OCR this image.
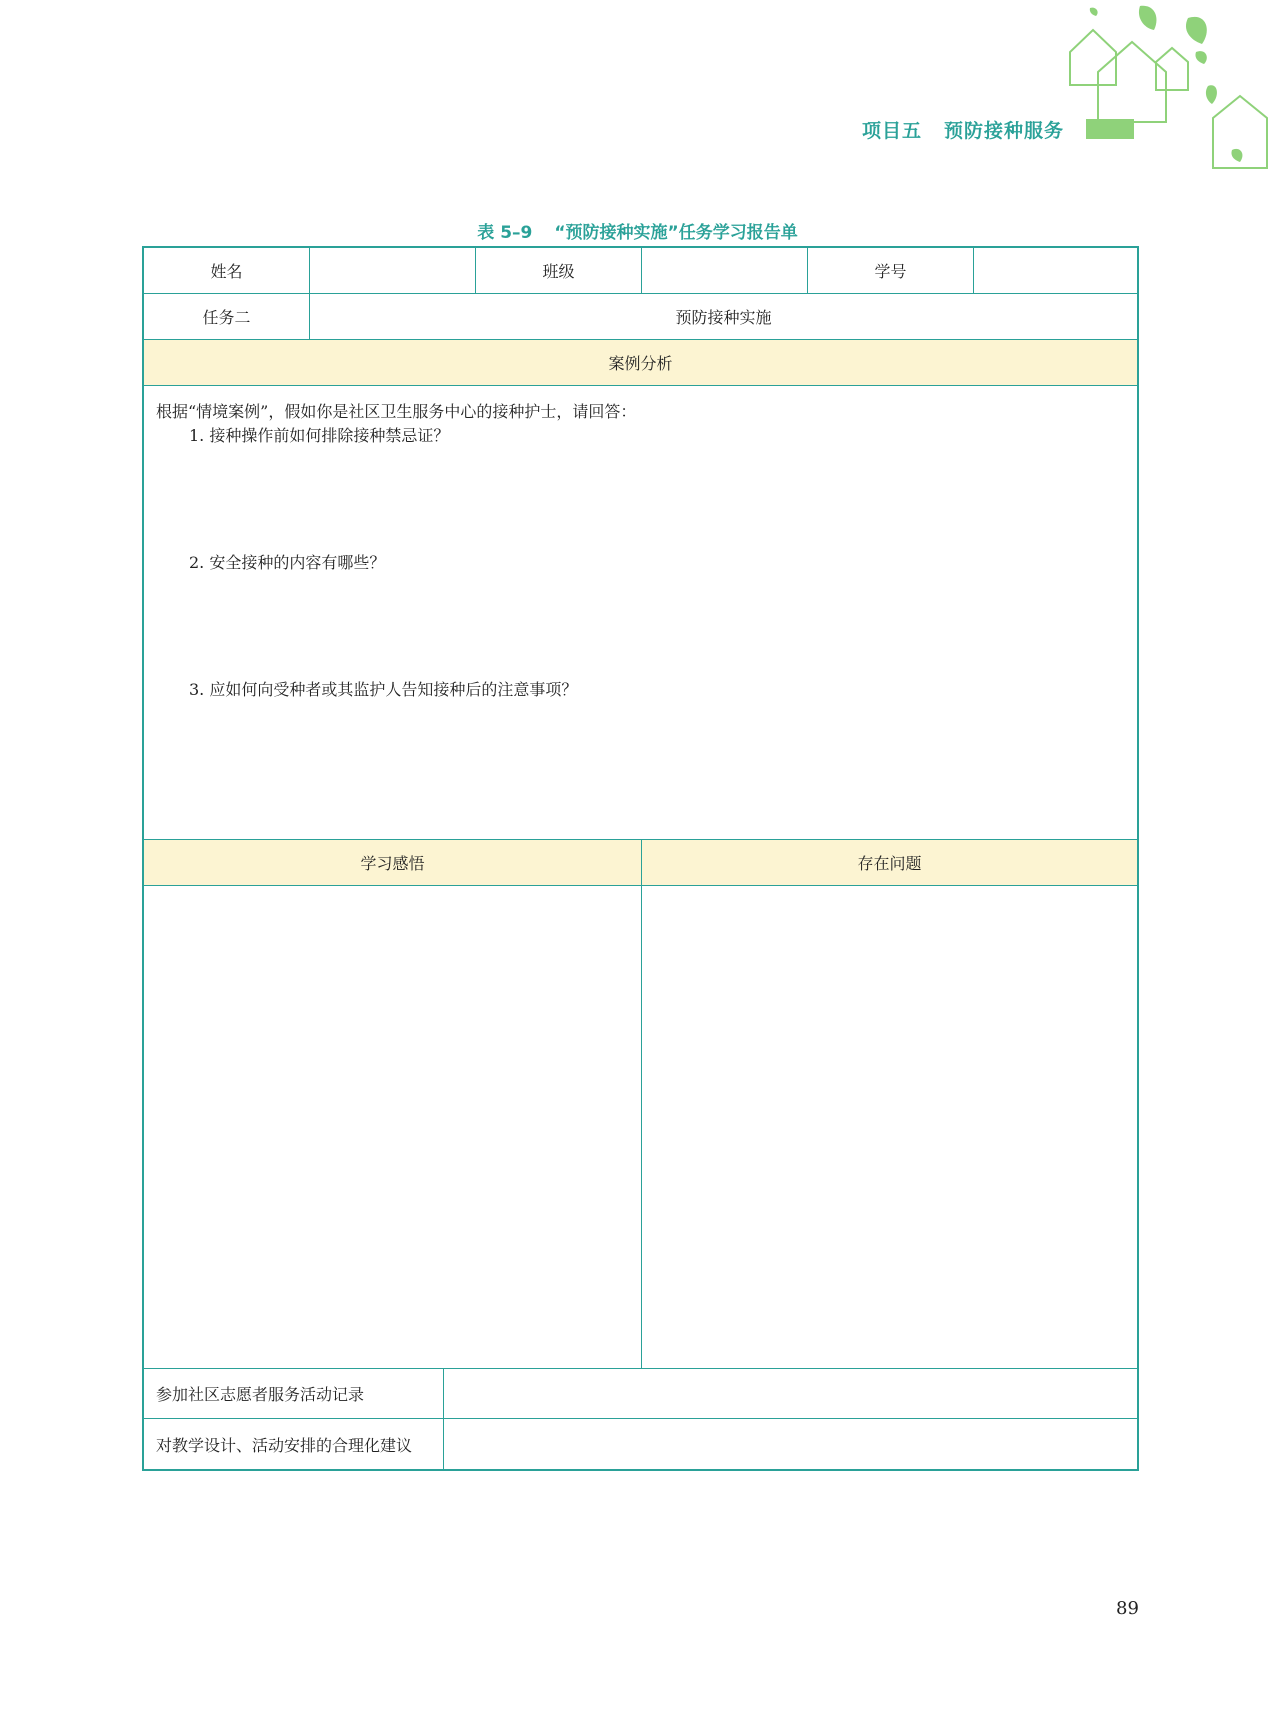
项目五 预防接种服务
表 5–9 “预防接种实施”任务学习报告单
姓名	班级	学号
任务二	预防接种实施
案例分析
根据“情境案例”，假如你是社区卫生服务中心的接种护士，请回答：
1. 接种操作前如何排除接种禁忌证？
2. 安全接种的内容有哪些？
3. 应如何向受种者或其监护人告知接种后的注意事项？
学习感悟	存在问题
参加社区志愿者服务活动记录
对教学设计、活动安排的合理化建议
89
